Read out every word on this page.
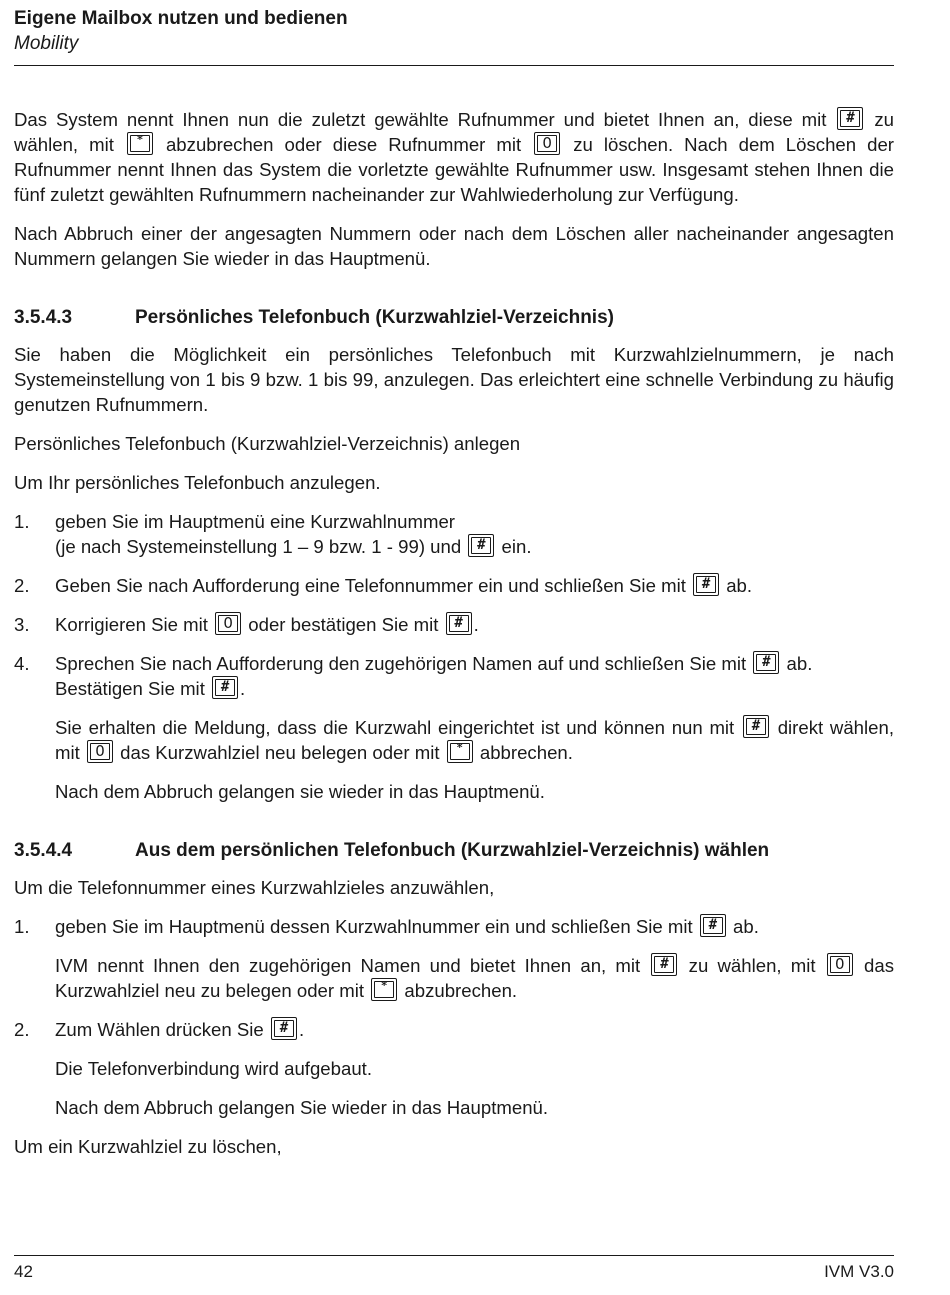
Eigene Mailbox nutzen und bedienen
Mobility

Das System nennt Ihnen nun die zuletzt gewählte Rufnummer und bietet Ihnen an, diese mit	#	zu wählen, mit	*	abzubrechen oder diese Rufnummer mit	0	zu löschen. Nach dem Löschen der Rufnummer nennt Ihnen das System die vorletzte gewählte Rufnummer usw. Insgesamt stehen Ihnen die fünf zuletzt gewählten Rufnummern nacheinander zur Wahlwiederholung zur Verfügung.

Nach Abbruch einer der angesagten Nummern oder nach dem Löschen aller nacheinander angesagten Nummern gelangen Sie wieder in das Hauptmenü.

3.5.4.3	Persönliches Telefonbuch (Kurzwahlziel-Verzeichnis)

Sie haben die Möglichkeit ein persönliches Telefonbuch mit Kurzwahlzielnummern, je nach Systemeinstellung von 1 bis 9 bzw. 1 bis 99, anzulegen. Das erleichtert eine schnelle Verbindung zu häufig genutzen Rufnummern.

Persönliches Telefonbuch (Kurzwahlziel-Verzeichnis) anlegen

Um Ihr persönliches Telefonbuch anzulegen.

1.	geben Sie im Hauptmenü eine Kurzwahlnummer
(je nach Systemeinstellung 1 – 9 bzw. 1 - 99) und	# ein.
2.	Geben Sie nach Aufforderung eine Telefonnummer ein und schließen Sie mit	# ab.
3.	Korrigieren Sie mit	0 oder bestätigen Sie mit	# .
4.	Sprechen Sie nach Aufforderung den zugehörigen Namen auf und schließen Sie mit	# ab. Bestätigen Sie mit	# .

Sie erhalten die Meldung, dass die Kurzwahl eingerichtet ist und können nun mit	# direkt wählen, mit	0 das Kurzwahlziel neu belegen oder mit	* abbrechen.

Nach dem Abbruch gelangen sie wieder in das Hauptmenü.

3.5.4.4	Aus dem persönlichen Telefonbuch (Kurzwahlziel-Verzeichnis) wählen

Um die Telefonnummer eines Kurzwahlzieles anzuwählen,

1.	geben Sie im Hauptmenü dessen Kurzwahlnummer ein und schließen Sie mit	# ab.

IVM nennt Ihnen den zugehörigen Namen und bietet Ihnen an, mit	#	zu wählen, mit	0	das Kurzwahlziel neu zu belegen oder mit	* abzubrechen.

2.	Zum Wählen drücken Sie	# .

Die Telefonverbindung wird aufgebaut.

Nach dem Abbruch gelangen Sie wieder in das Hauptmenü.

Um ein Kurzwahlziel zu löschen,

42	IVM V3.0
